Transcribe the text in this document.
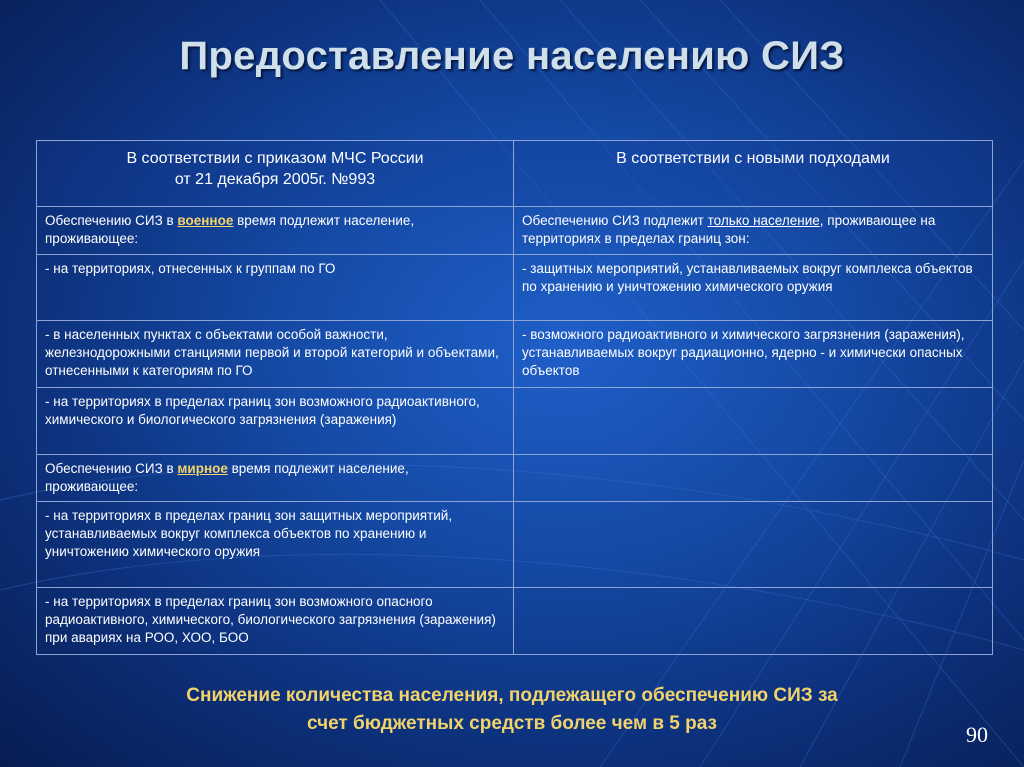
Предоставление населению СИЗ
В соответствии с приказом МЧС России
от 21 декабря 2005г. №993	В соответствии с новыми подходами

Обеспечению СИЗ в военное время подлежит население, проживающее:	Обеспечению СИЗ подлежит только население, проживающее на территориях в пределах границ зон:
- на территориях, отнесенных к группам по ГО	- защитных мероприятий, устанавливаемых вокруг комплекса объектов по хранению и уничтожению химического оружия
- в населенных пунктах с объектами особой важности, железнодорожными станциями первой и второй категорий и объектами, отнесенными к категориям по ГО	- возможного радиоактивного и химического загрязнения (заражения), устанавливаемых вокруг радиационно, ядерно - и химически опасных объектов
- на территориях в пределах границ зон возможного радиоактивного, химического и биологического загрязнения (заражения)	
Обеспечению СИЗ в мирное время подлежит население, проживающее:	
- на территориях в пределах границ зон защитных мероприятий, устанавливаемых вокруг комплекса объектов по хранению и уничтожению химического оружия	
- на территориях в пределах границ зон возможного опасного радиоактивного, химического, биологического загрязнения (заражения) при авариях на РОО, ХОО, БОО	
Снижение количества населения, подлежащего обеспечению СИЗ за
счет бюджетных средств более чем в 5 раз	90
